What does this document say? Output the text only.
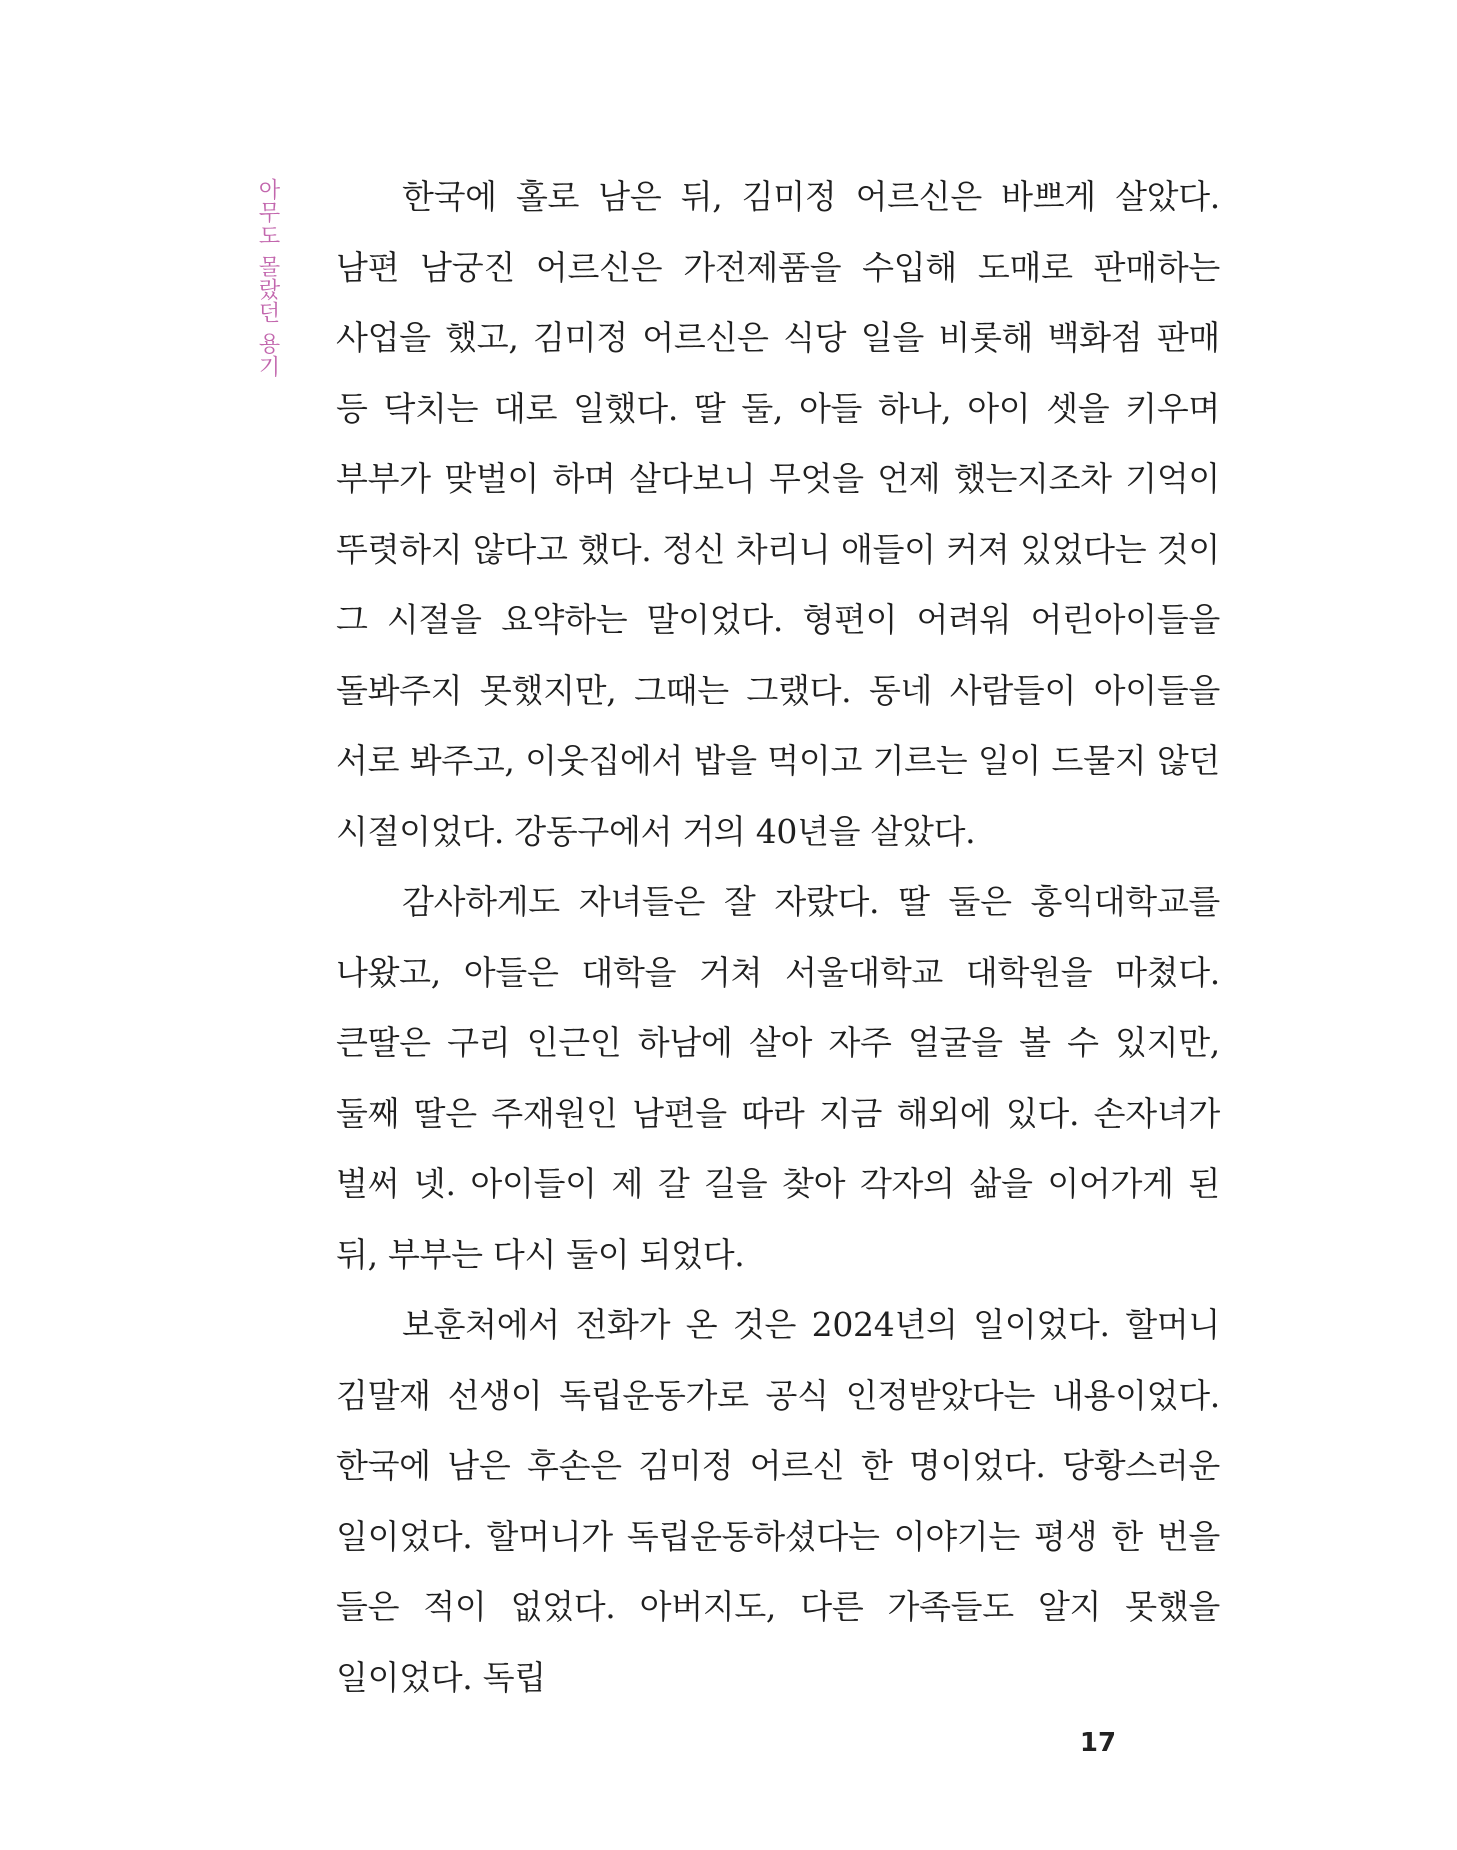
아무도 몰랐던 용기	한국에 홀로 남은 뒤, 김미정 어르신은 바쁘게 살았다. 남편 남궁진 어르신은 가전제품을 수입해 도매로 판매하는 사업을 했고, 김미정 어르신은 식당 일을 비롯해 백화점 판매 등 닥치는 대로 일했다. 딸 둘, 아들 하나, 아이 셋을 키우며 부부가 맞벌이 하며 살다보니 무엇을 언제 했는지조차 기억이 뚜렷하지 않다고 했다. 정신 차리니 애들이 커져 있었다는 것이 그 시절을 요약하는 말이었다. 형편이 어려워 어린아이들을 돌봐주지 못했지만, 그때는 그랬다. 동네 사람들이 아이들을 서로 봐주고, 이웃집에서 밥을 먹이고 기르는 일이 드물지 않던 시절이었다. 강동구에서 거의 40년을 살았다.

감사하게도 자녀들은 잘 자랐다. 딸 둘은 홍익대학교를 나왔고, 아들은 대학을 거쳐 서울대학교 대학원을 마쳤다. 큰딸은 구리 인근인 하남에 살아 자주 얼굴을 볼 수 있지만, 둘째 딸은 주재원인 남편을 따라 지금 해외에 있다. 손자녀가 벌써 넷. 아이들이 제 갈 길을 찾아 각자의 삶을 이어가게 된 뒤, 부부는 다시 둘이 되었다.

보훈처에서 전화가 온 것은 2024년의 일이었다. 할머니 김말재 선생이 독립운동가로 공식 인정받았다는 내용이었다. 한국에 남은 후손은 김미정 어르신 한 명이었다. 당황스러운 일이었다. 할머니가 독립운동하셨다는 이야기는 평생 한 번을 들은 적이 없었다. 아버지도, 다른 가족들도 알지 못했을 일이었다. 독립

17
